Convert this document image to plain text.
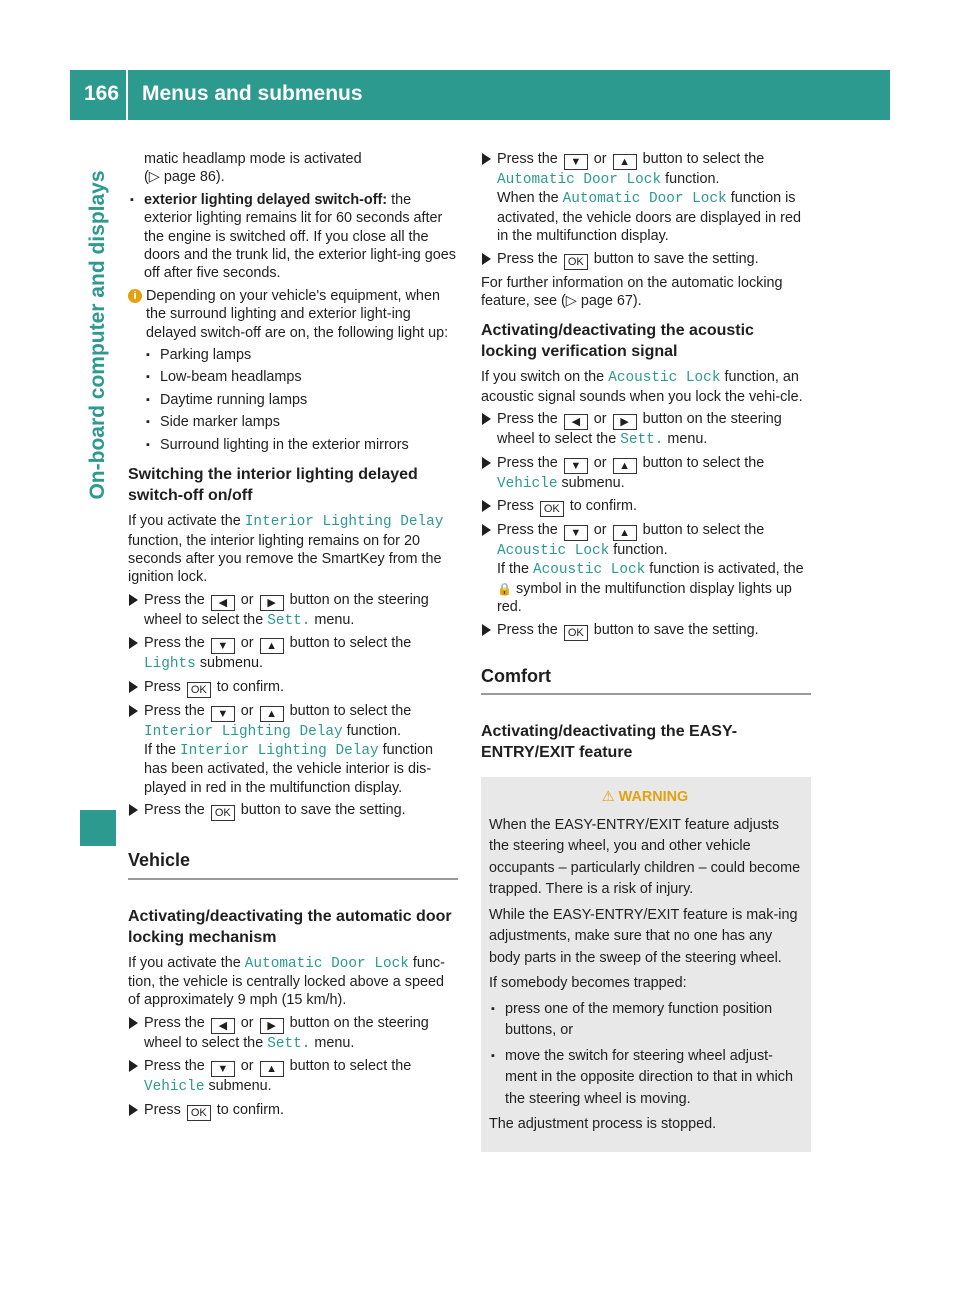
166 Menus and submenus
On-board computer and displays

matic headlamp mode is activated
(▷ page 86).

▪ exterior lighting delayed switch-off: the exterior lighting remains lit for 60 seconds after the engine is switched off. If you close all the doors and the trunk lid, the exterior light-ing goes off after five seconds.
i Depending on your vehicle's equipment, when the surround lighting and exterior light-ing delayed switch-off are on, the following light up:
▪ Parking lamps
▪ Low-beam headlamps
▪ Daytime running lamps
▪ Side marker lamps
▪ Surround lighting in the exterior mirrors
Switching the interior lighting delayed switch-off on/off

If you activate the Interior Lighting Delay function, the interior lighting remains on for 20 seconds after you remove the SmartKey from the ignition lock.

Press the ◀ or ▶ button on the steering wheel to select the Sett. menu.
Press the ▼ or ▲ button to select the Lights submenu.
Press OK to confirm.
Press the ▼ or ▲ button to select the Interior Lighting Delay function.
If the Interior Lighting Delay function has been activated, the vehicle interior is dis-played in red in the multifunction display.
Press the OK button to save the setting.
Vehicle
Activating/deactivating the automatic door locking mechanism

If you activate the Automatic Door Lock func-tion, the vehicle is centrally locked above a speed of approximately 9 mph (15 km/h).

Press the ◀ or ▶ button on the steering wheel to select the Sett. menu.
Press the ▼ or ▲ button to select the Vehicle submenu.
Press OK to confirm.
Press the ▼ or ▲ button to select the Automatic Door Lock function.
When the Automatic Door Lock function is activated, the vehicle doors are displayed in red in the multifunction display.
Press the OK button to save the setting.

For further information on the automatic locking feature, see (▷ page 67).

Activating/deactivating the acoustic locking verification signal

If you switch on the Acoustic Lock function, an acoustic signal sounds when you lock the vehi-cle.

Press the ◀ or ▶ button on the steering wheel to select the Sett. menu.
Press the ▼ or ▲ button to select the Vehicle submenu.
Press OK to confirm.
Press the ▼ or ▲ button to select the Acoustic Lock function.
If the Acoustic Lock function is activated, the 🔒 symbol in the multifunction display lights up red.
Press the OK button to save the setting.
Comfort
Activating/deactivating the EASY-ENTRY/EXIT feature
⚠ WARNING

When the EASY-ENTRY/EXIT feature adjusts the steering wheel, you and other vehicle occupants – particularly children – could become trapped. There is a risk of injury.

While the EASY-ENTRY/EXIT feature is mak-ing adjustments, make sure that no one has any body parts in the sweep of the steering wheel.

If somebody becomes trapped:

▪ press one of the memory function position buttons, or
▪ move the switch for steering wheel adjust-ment in the opposite direction to that in which the steering wheel is moving.

The adjustment process is stopped.
